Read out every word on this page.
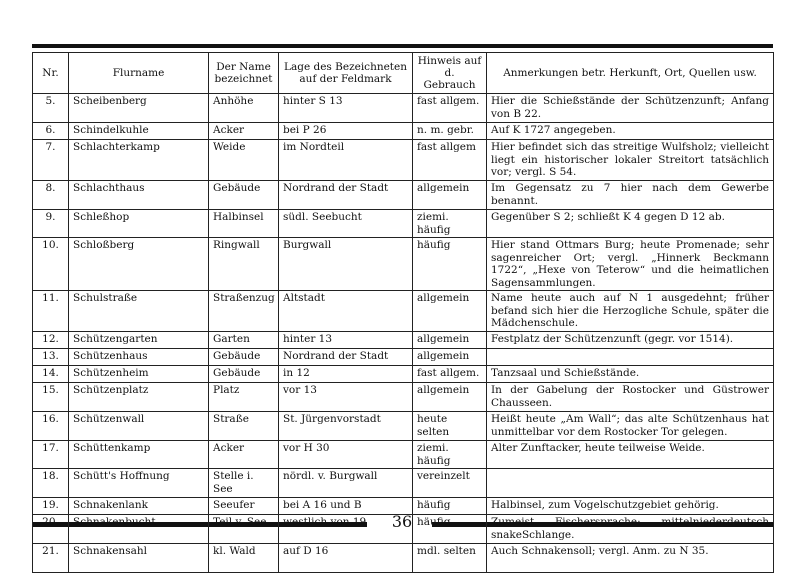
36
Nr.	Flurname	Der Name bezeichnet	Lage des Bezeichneten auf der Feldmark	Hinweis auf d. Gebrauch	Anmerkungen betr. Herkunft, Ort, Quellen usw.
5.	Scheibenberg	Anhöhe	hinter S 13	fast allgem.	Hier die Schießstände der Schützenzunft; Anfang von B 22.
6.	Schindelkuhle	Acker	bei P 26	n. m. gebr.	Auf K 1727 angegeben.
7.	Schlachterkamp	Weide	im Nordteil	fast allgem	Hier befindet sich das streitige Wulfsholz; vielleicht liegt ein historischer lokaler Streitort tatsächlich vor; vergl. S 54.
8.	Schlachthaus	Gebäude	Nordrand der Stadt	allgemein	Im Gegensatz zu 7 hier nach dem Gewerbe benannt.
9.	Schleßhop	Halbinsel	südl. Seebucht	ziemi. häufig	Gegenüber S 2; schließt K 4 gegen D 12 ab.
10.	Schloßberg	Ringwall	Burgwall	häufig	Hier stand Ottmars Burg; heute Promenade; sehr sagenreicher Ort; vergl. „Hinnerk Beckmann 1722“, „Hexe von Teterow“ und die heimatlichen Sagensammlungen.
11.	Schulstraße	Straßenzug	Altstadt	allgemein	Name heute auch auf N 1 ausgedehnt; früher befand sich hier die Herzogliche Schule, später die Mädchenschule.
12.	Schützengarten	Garten	hinter 13	allgemein	Festplatz der Schützenzunft (gegr. vor 1514).
13.	Schützenhaus	Gebäude	Nordrand der Stadt	allgemein	
14.	Schützenheim	Gebäude	in 12	fast allgem.	Tanzsaal und Schießstände.
15.	Schützenplatz	Platz	vor 13	allgemein	In der Gabelung der Rostocker und Güstrower Chausseen.
16.	Schützenwall	Straße	St. Jürgenvorstadt	heute selten	Heißt heute „Am Wall“; das alte Schützenhaus hat unmittelbar vor dem Rostocker Tor gelegen.
17.	Schüttenkamp	Acker	vor H 30	ziemi. häufig	Alter Zunftacker, heute teilweise Weide.
18.	Schütt's Hoffnung	Stelle i. See	nördl. v. Burgwall	vereinzelt	
19.	Schnakenlank	Seeufer	bei A 16 und B	häufig	Halbinsel, zum Vogelschutzgebiet gehörig.
20.	Schnakenbucht	Teil v. See	westlich von 19	häufig	Zumeist Fischersprache; mittelniederdeutsch snakeSchlange.
21.	Schnakensahl	kl. Wald	auf D 16	mdl. selten	Auch Schnakensoll; vergl. Anm. zu N 35.
